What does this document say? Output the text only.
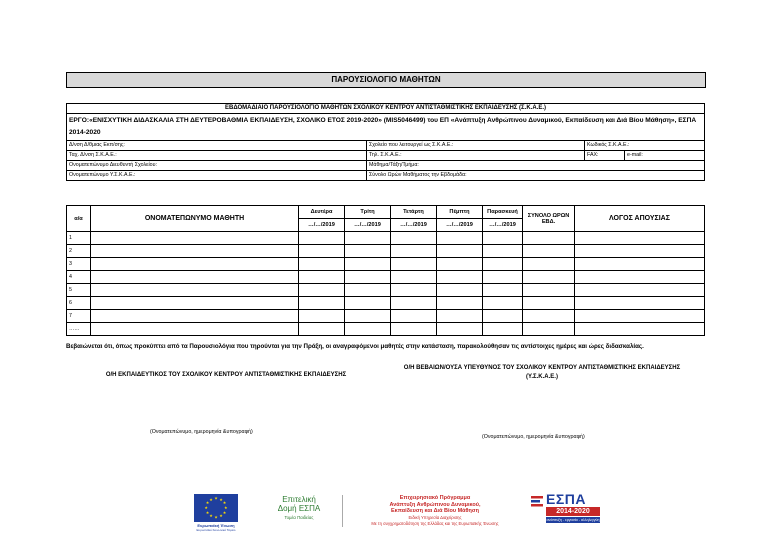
ΠΑΡΟΥΣΙΟΛΟΓΙΟ ΜΑΘΗΤΩΝ
ΕΒΔΟΜΑΔΙΑΙΟ ΠΑΡΟΥΣΙΟΛΟΓΙΟ ΜΑΘΗΤΩΝ ΣΧΟΛΙΚΟΥ ΚΕΝΤΡΟΥ ΑΝΤΙΣΤΑΘΜΙΣΤΙΚΗΣ ΕΚΠΑΙΔΕΥΣΗΣ (Σ.Κ.Α.Ε.)			
ΕΡΓΟ:«ΕΝΙΣΧΥΤΙΚΗ ΔΙΔΑΣΚΑΛΙΑ ΣΤΗ ΔΕΥΤΕΡΟΒΑΘΜΙΑ ΕΚΠΑΙΔΕΥΣΗ, ΣΧΟΛΙΚΟ ΕΤΟΣ 2019-2020» (MIS5046499) του ΕΠ «Ανάπτυξη Ανθρώπινου Δυναμικού, Εκπαίδευση και Διά Βίου Μάθηση», ΕΣΠΑ 2014-2020			
Δ/νση Δ/θμιας Εκπ/σης:	Σχολείο που λειτουργεί ως Σ.Κ.Α.Ε.:	Κωδικός Σ.Κ.Α.Ε.:	
Ταχ. Δ/νση Σ.Κ.Α.Ε.:	Τηλ. Σ.Κ.Α.Ε.:	FAX:	e-mail:
Ονοματεπώνυμο Διευθυντή Σχολείου:	Μάθημα/Τάξη/Τμήμα:		
Ονοματεπώνυμο Υ.Σ.Κ.Α.Ε.:	Σύνολο Ωρών Μαθήματος την Εβδομάδα:		
α/α	ΟΝΟΜΑΤΕΠΩΝΥΜΟ ΜΑΘΗΤΗ	Δευτέρα	Τρίτη	Τετάρτη	Πέμπτη	Παρασκευή	ΣΥΝΟΛΟ ΩΡΩΝ ΕΒΔ.	ΛΟΓΟΣ ΑΠΟΥΣΙΑΣ
		…/…/2019	…/…/2019	…/…/2019	…/…/2019	…/…/2019		
1								
2								
3								
4								
5								
6								
7								
……								
Βεβαιώνεται ότι, όπως προκύπτει από τα Παρουσιολόγια που τηρούνται για την Πράξη, οι αναγραφόμενοι μαθητές στην κατάσταση, παρακολούθησαν τις αντίστοιχες ημέρες και ώρες διδασκαλίας.
Ο/Η ΕΚΠΑΙΔΕΥΤΙΚΟΣ ΤΟΥ ΣΧΟΛΙΚΟΥ ΚΕΝΤΡΟΥ ΑΝΤΙΣΤΑΘΜΙΣΤΙΚΗΣ ΕΚΠΑΙΔΕΥΣΗΣ
Ο/Η ΒΕΒΑΙΩΝ/ΟΥΣΑ ΥΠΕΥΘΥΝΟΣ ΤΟΥ ΣΧΟΛΙΚΟΥ ΚΕΝΤΡΟΥ ΑΝΤΙΣΤΑΘΜΙΣΤΙΚΗΣ ΕΚΠΑΙΔΕΥΣΗΣ
(Υ.Σ.Κ.Α.Ε.)
(Ονοματεπώνυμο, ημερομηνία &υπογραφή)
(Ονοματεπώνυμο, ημερομηνία &υπογραφή)
★ ★
★
★
★
★
★
★
★
★
★
★
Ευρωπαϊκή Ένωση
Ευρωπαϊκό Κοινωνικό Ταμείο
Επιτελική
Δομή ΕΣΠΑ
Τομέα Παιδείας
Επιχειρησιακό Πρόγραμμα
Ανάπτυξη Ανθρώπινου Δυναμικού,
Εκπαίδευση και Διά Βίου Μάθηση
Ειδική Υπηρεσία Διαχείρισης
Με τη συγχρηματοδότηση της Ελλάδας και της Ευρωπαϊκής Ένωσης
ΕΣΠΑ
2014-2020
ανάπτυξη - εργασία - αλληλεγγύη
